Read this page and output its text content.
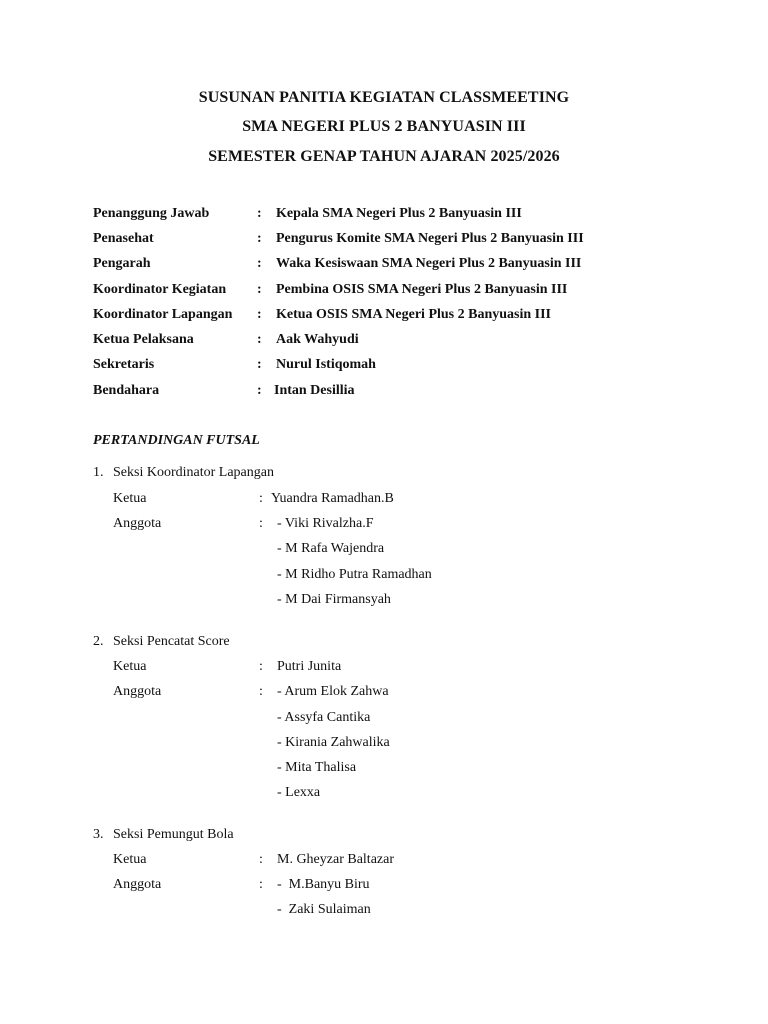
SUSUNAN PANITIA KEGIATAN CLASSMEETING
SMA NEGERI PLUS 2 BANYUASIN III
SEMESTER GENAP TAHUN AJARAN 2025/2026
Penanggung Jawab	: Kepala SMA Negeri Plus 2 Banyuasin III
Penasehat	: Pengurus Komite SMA Negeri Plus 2 Banyuasin III
Pengarah	: Waka Kesiswaan SMA Negeri Plus 2 Banyuasin III
Koordinator Kegiatan : Pembina OSIS SMA Negeri Plus 2 Banyuasin III
Koordinator Lapangan : Ketua OSIS SMA Negeri Plus 2 Banyuasin III
Ketua Pelaksana	: Aak Wahyudi
Sekretaris	: Nurul Istiqomah
Bendahara	: Intan Desillia
PERTANDINGAN FUTSAL
1. Seksi Koordinator Lapangan
Ketua	: Yuandra Ramadhan.B
Anggota	: - Viki Rivalzha.F
- M Rafa Wajendra
- M Ridho Putra Ramadhan
- M Dai Firmansyah
2. Seksi Pencatat Score
Ketua	: Putri Junita
Anggota	: - Arum Elok Zahwa
- Assyfa Cantika
- Kirania Zahwalika
- Mita Thalisa
- Lexxa
3. Seksi Pemungut Bola
Ketua	: M. Gheyzar Baltazar
Anggota	: -  M.Banyu Biru
-  Zaki Sulaiman
